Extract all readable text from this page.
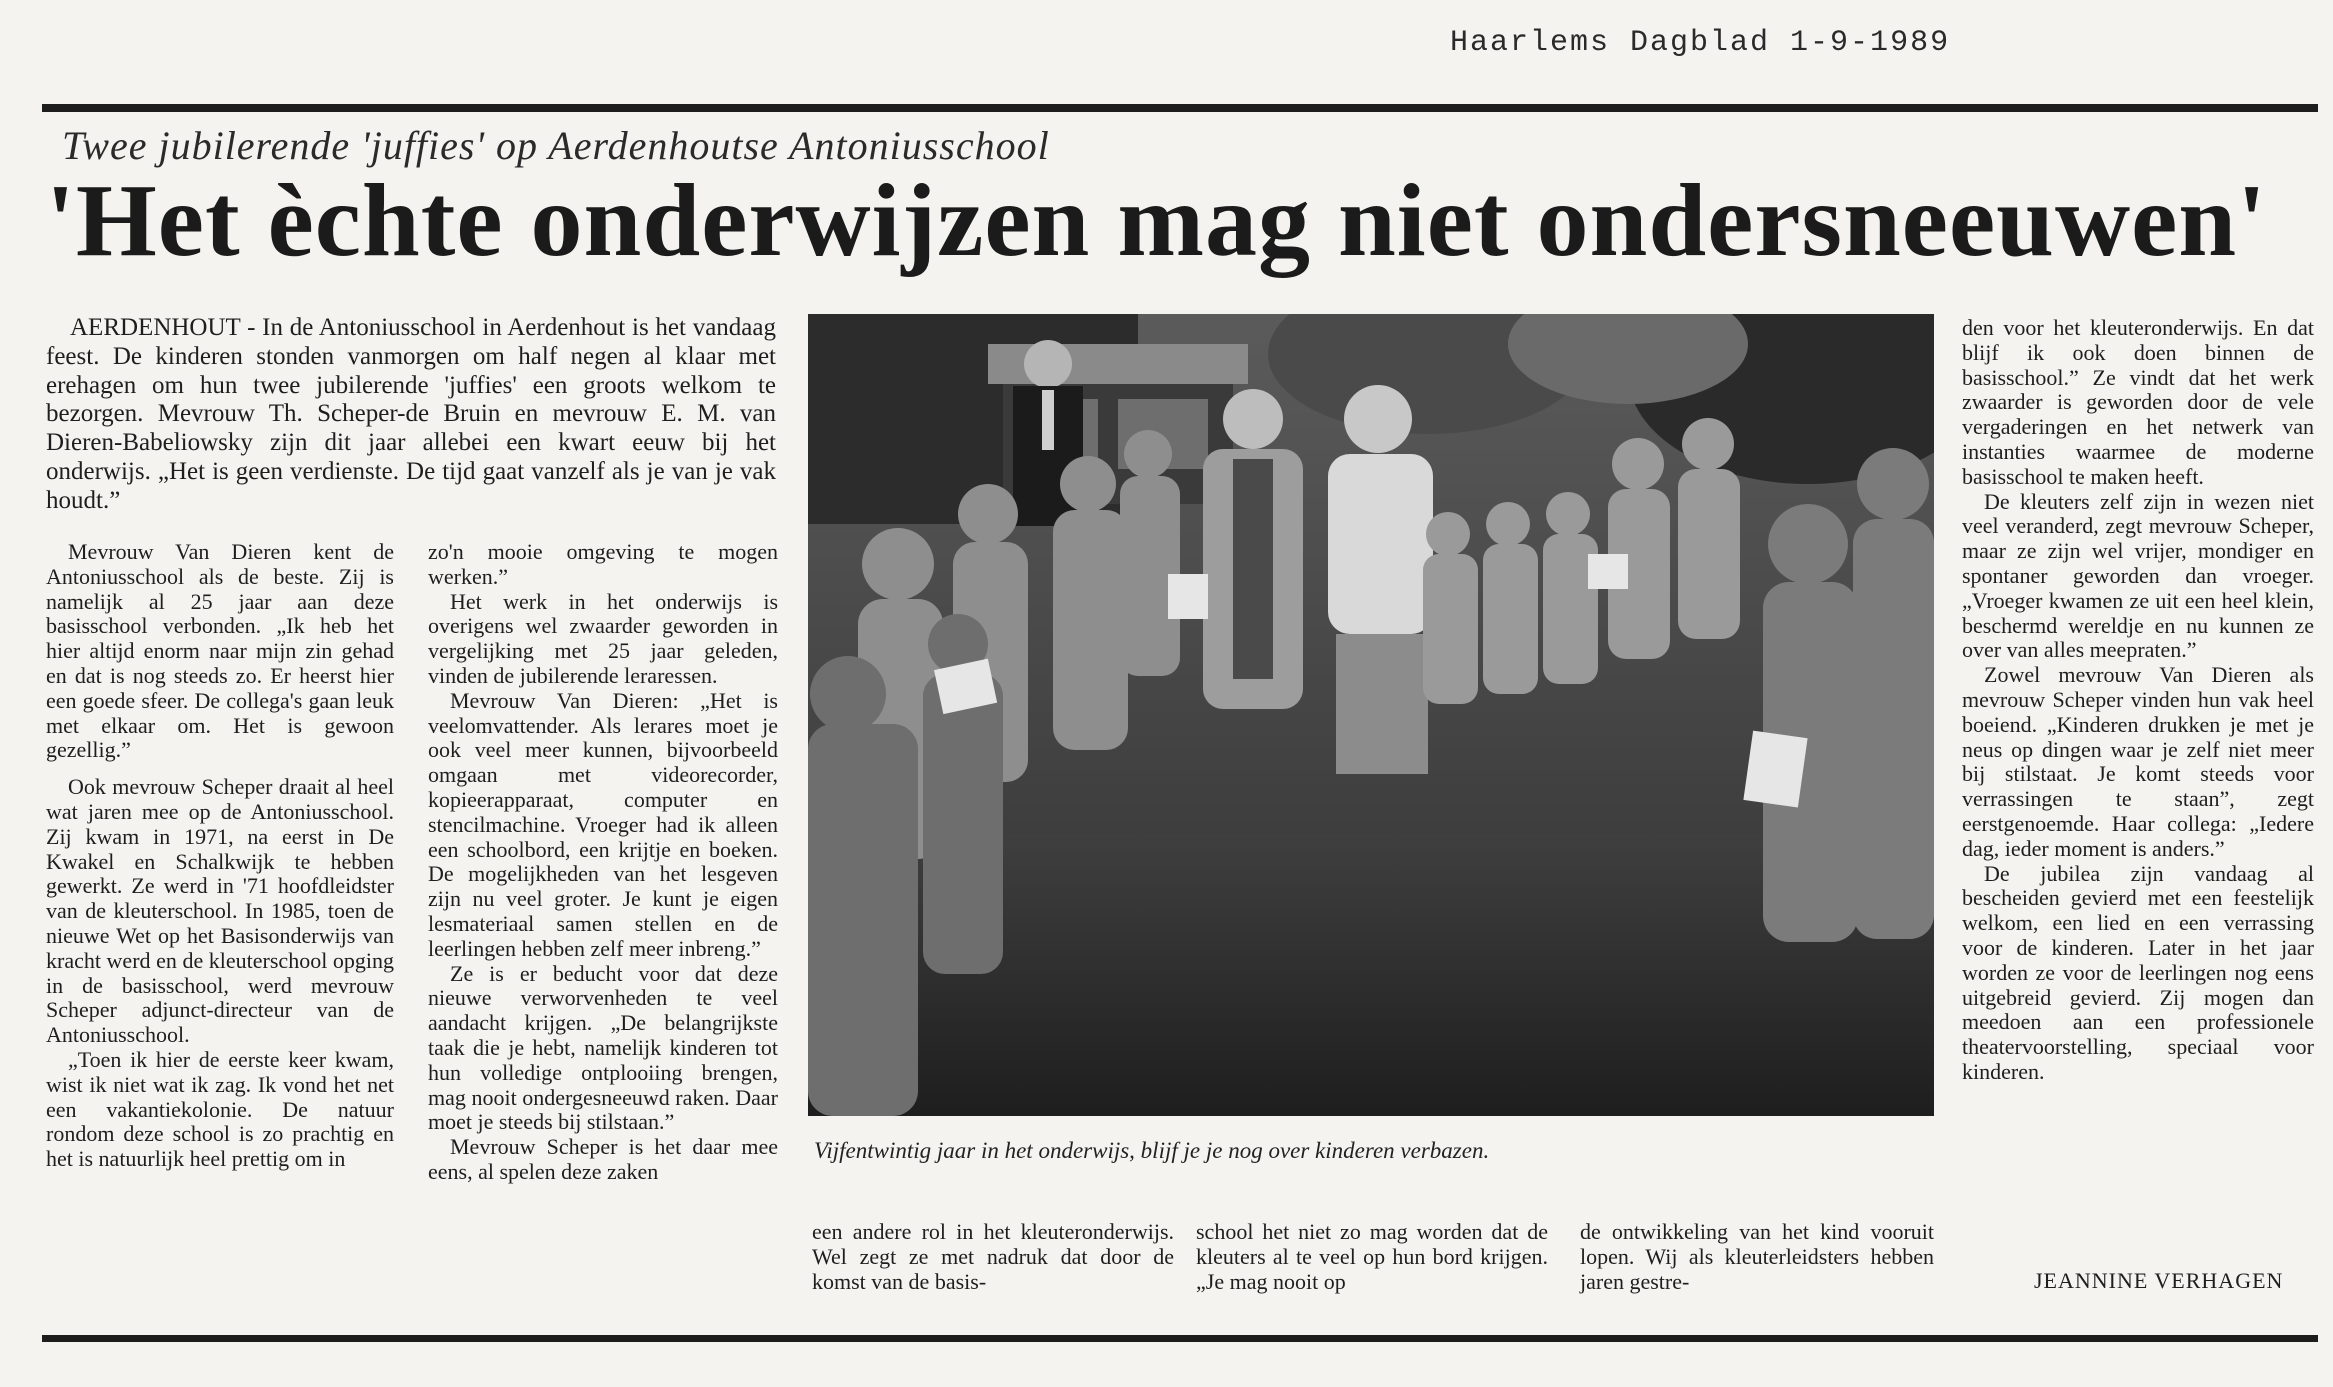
Haarlems Dagblad 1-9-1989
Twee jubilerende 'juffies' op Aerdenhoutse Antoniusschool
'Het èchte onderwijzen mag niet ondersneeuwen'

AERDENHOUT - In de Antoniusschool in Aerdenhout is het vandaag feest. De kinderen stonden vanmorgen om half negen al klaar met erehagen om hun twee jubilerende 'juffies' een groots welkom te bezorgen. Mevrouw Th. Scheper-de Bruin en mevrouw E. M. van Dieren-Babeliowsky zijn dit jaar allebei een kwart eeuw bij het onderwijs. „Het is geen verdienste. De tijd gaat vanzelf als je van je vak houdt.”

Mevrouw Van Dieren kent de Antoniusschool als de beste. Zij is namelijk al 25 jaar aan deze basisschool verbonden. „Ik heb het hier altijd enorm naar mijn zin gehad en dat is nog steeds zo. Er heerst hier een goede sfeer. De collega's gaan leuk met elkaar om. Het is gewoon gezellig.”

Ook mevrouw Scheper draait al heel wat jaren mee op de Antoniusschool. Zij kwam in 1971, na eerst in De Kwakel en Schalkwijk te hebben gewerkt. Ze werd in '71 hoofdleidster van de kleuterschool. In 1985, toen de nieuwe Wet op het Basisonderwijs van kracht werd en de kleuterschool opging in de basisschool, werd mevrouw Scheper adjunct-directeur van de Antoniusschool.

„Toen ik hier de eerste keer kwam, wist ik niet wat ik zag. Ik vond het net een vakantiekolonie. De natuur rondom deze school is zo prachtig en het is natuurlijk heel prettig om in

zo'n mooie omgeving te mogen werken.”

Het werk in het onderwijs is overigens wel zwaarder geworden in vergelijking met 25 jaar geleden, vinden de jubilerende leraressen.

Mevrouw Van Dieren: „Het is veelomvattender. Als lerares moet je ook veel meer kunnen, bijvoorbeeld omgaan met videorecorder, kopieerapparaat, computer en stencilmachine. Vroeger had ik alleen een schoolbord, een krijtje en boeken. De mogelijkheden van het lesgeven zijn nu veel groter. Je kunt je eigen lesmateriaal samen stellen en de leerlingen hebben zelf meer inbreng.”

Ze is er beducht voor dat deze nieuwe verworvenheden te veel aandacht krijgen. „De belangrijkste taak die je hebt, namelijk kinderen tot hun volledige ontplooiing brengen, mag nooit ondergesneeuwd raken. Daar moet je steeds bij stilstaan.”

Mevrouw Scheper is het daar mee eens, al spelen deze zaken

Vijfentwintig jaar in het onderwijs, blijf je je nog over kinderen verbazen.

een andere rol in het kleuteronderwijs. Wel zegt ze met nadruk dat door de komst van de basis-

school het niet zo mag worden dat de kleuters al te veel op hun bord krijgen. „Je mag nooit op

de ontwikkeling van het kind vooruit lopen. Wij als kleuterleidsters hebben jaren gestre-

den voor het kleuteronderwijs. En dat blijf ik ook doen binnen de basisschool.” Ze vindt dat het werk zwaarder is geworden door de vele vergaderingen en het netwerk van instanties waarmee de moderne basisschool te maken heeft.

De kleuters zelf zijn in wezen niet veel veranderd, zegt mevrouw Scheper, maar ze zijn wel vrijer, mondiger en spontaner geworden dan vroeger. „Vroeger kwamen ze uit een heel klein, beschermd wereldje en nu kunnen ze over van alles meepraten.”

Zowel mevrouw Van Dieren als mevrouw Scheper vinden hun vak heel boeiend. „Kinderen drukken je met je neus op dingen waar je zelf niet meer bij stilstaat. Je komt steeds voor verrassingen te staan”, zegt eerstgenoemde. Haar collega: „Iedere dag, ieder moment is anders.”

De jubilea zijn vandaag al bescheiden gevierd met een feestelijk welkom, een lied en een verrassing voor de kinderen. Later in het jaar worden ze voor de leerlingen nog eens uitgebreid gevierd. Zij mogen dan meedoen aan een professionele theatervoorstelling, speciaal voor kinderen.

JEANNINE VERHAGEN
